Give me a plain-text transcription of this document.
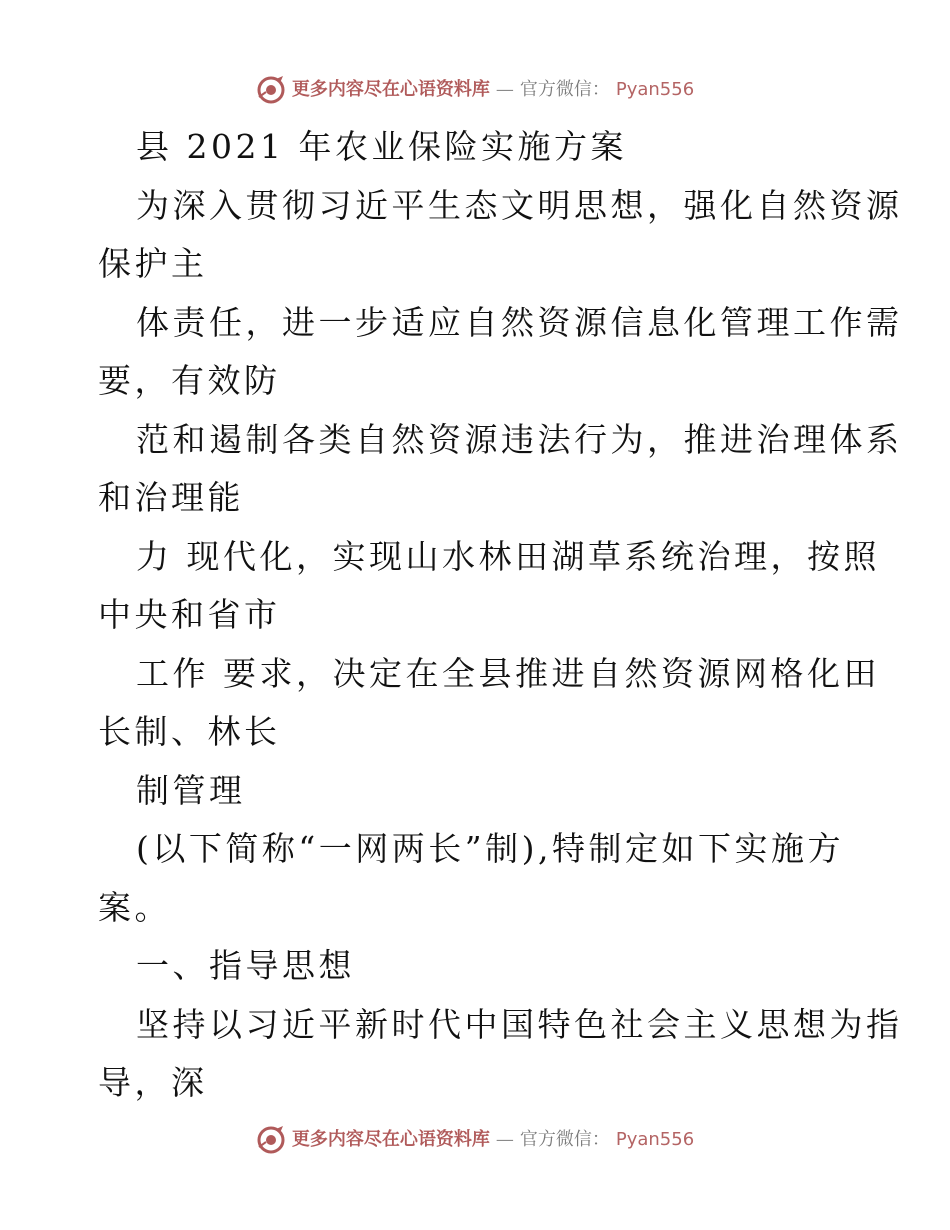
更多内容尽在心语资料库 — 官方微信： Pyan556
县 2021 年农业保险实施方案
为深入贯彻习近平生态文明思想，强化自然资源
保护主
体责任，进一步适应自然资源信息化管理工作需
要，有效防
范和遏制各类自然资源违法行为，推进治理体系
和治理能
力 现代化，实现山水林田湖草系统治理，按照
中央和省市
工作 要求，决定在全县推进自然资源网格化田
长制、林长
制管理
(以下简称“一网两长”制),特制定如下实施方
案。
一、指导思想
坚持以习近平新时代中国特色社会主义思想为指
导，深
更多内容尽在心语资料库 — 官方微信： Pyan556
